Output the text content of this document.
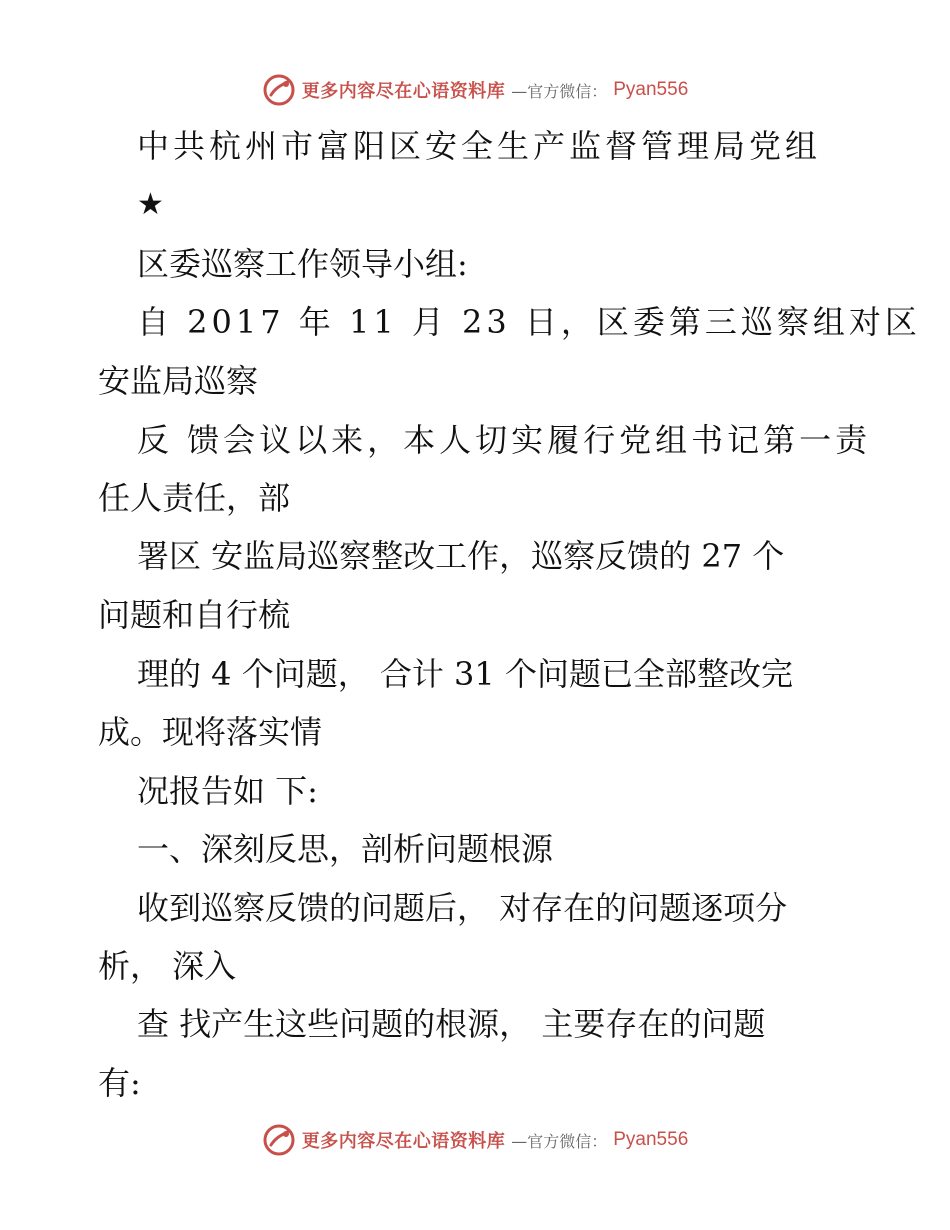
更多内容尽在心语资料库 —官方微信： Pyan556
中共杭州市富阳区安全生产监督管理局党组
★
区委巡察工作领导小组:
自 2017 年 11 月 23 日，区委第三巡察组对区
安监局巡察
反 馈会议以来，本人切实履行党组书记第一责
任人责任，部
署区 安监局巡察整改工作，巡察反馈的 27 个
问题和自行梳
理的 4 个问题， 合计 31 个问题已全部整改完
成。现将落实情
况报告如 下:
一、深刻反思，剖析问题根源
收到巡察反馈的问题后， 对存在的问题逐项分
析， 深入
查 找产生这些问题的根源， 主要存在的问题
有:
更多内容尽在心语资料库 —官方微信： Pyan556
